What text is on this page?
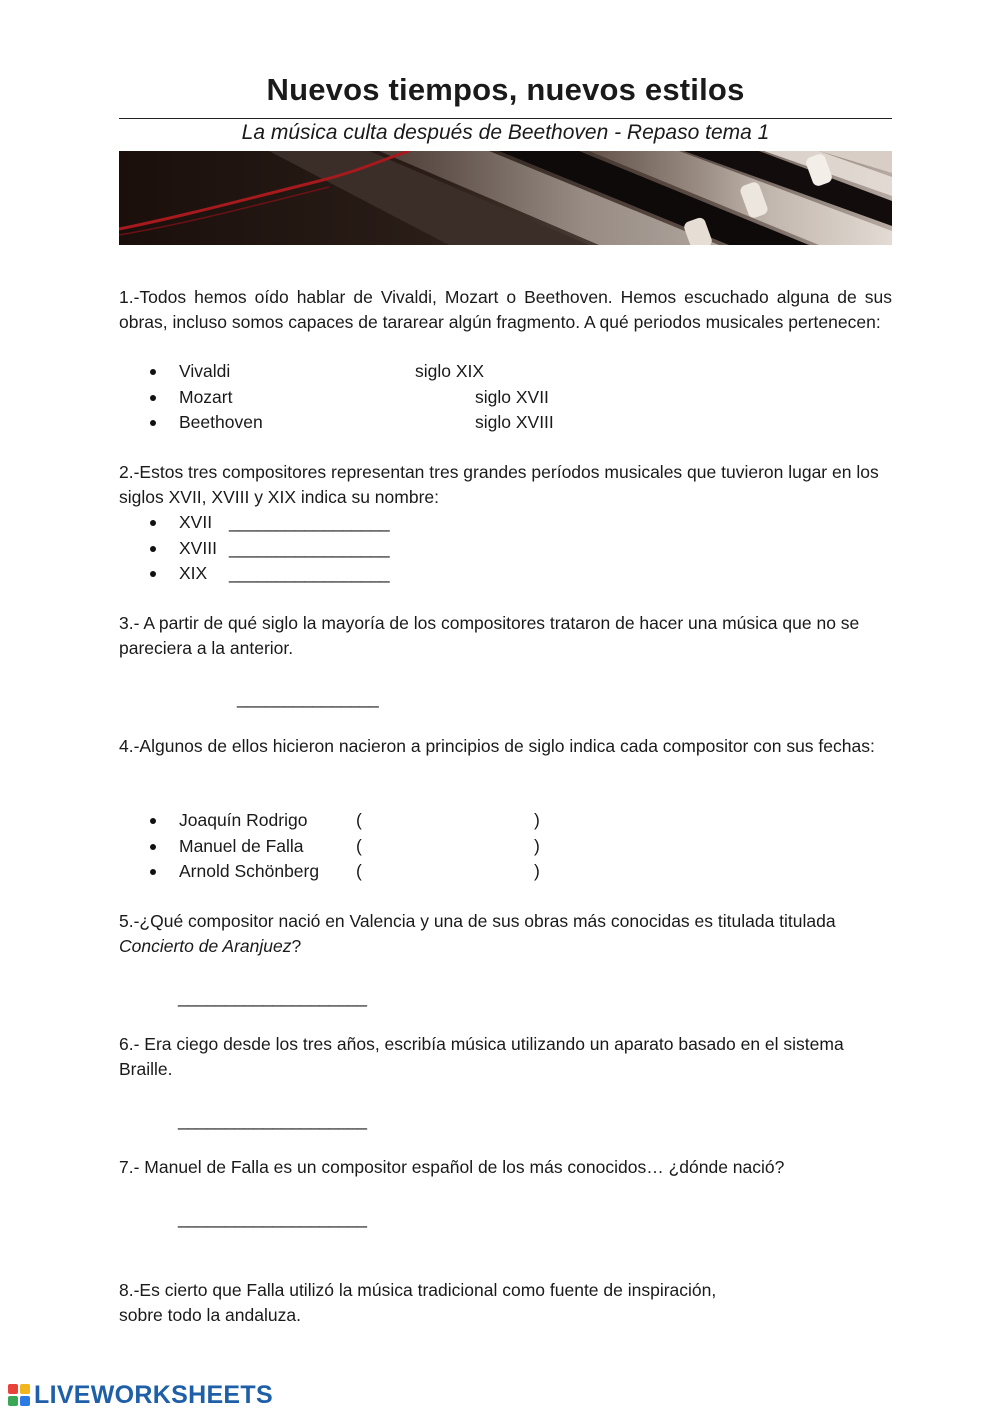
Nuevos tiempos, nuevos estilos
La música culta después de Beethoven - Repaso tema 1
1.-Todos hemos oído hablar de Vivaldi, Mozart o Beethoven. Hemos escuchado alguna de sus obras, incluso somos capaces de tararear algún fragmento. A qué periodos musicales pertenecen:
Vivaldi	siglo XIX
Mozart	siglo XVII
Beethoven	siglo XVIII
2.-Estos tres compositores representan tres grandes períodos musicales que tuvieron lugar en los siglos XVII, XVIII y XIX indica su nombre:
XVII _________________
XVIII _________________
XIX _________________
3.- A partir de qué siglo la mayoría de los compositores trataron de hacer una música que no se pareciera a la anterior.
_______________
4.-Algunos de ellos hicieron nacieron a principios de siglo indica cada compositor con sus fechas:
Joaquín Rodrigo	(	)
Manuel de Falla	(	)
Arnold Schönberg (	)
5.-¿Qué compositor nació en Valencia y una de sus obras más conocidas es titulada titulada Concierto de Aranjuez?
____________________
6.- Era ciego desde los tres años, escribía música utilizando un aparato basado en el sistema Braille.
____________________
7.- Manuel de Falla es un compositor español de los más conocidos… ¿dónde nació?
____________________
8.-Es cierto que Falla utilizó la música tradicional como fuente de inspiración,
sobre todo la andaluza.
LIVEWORKSHEETS
